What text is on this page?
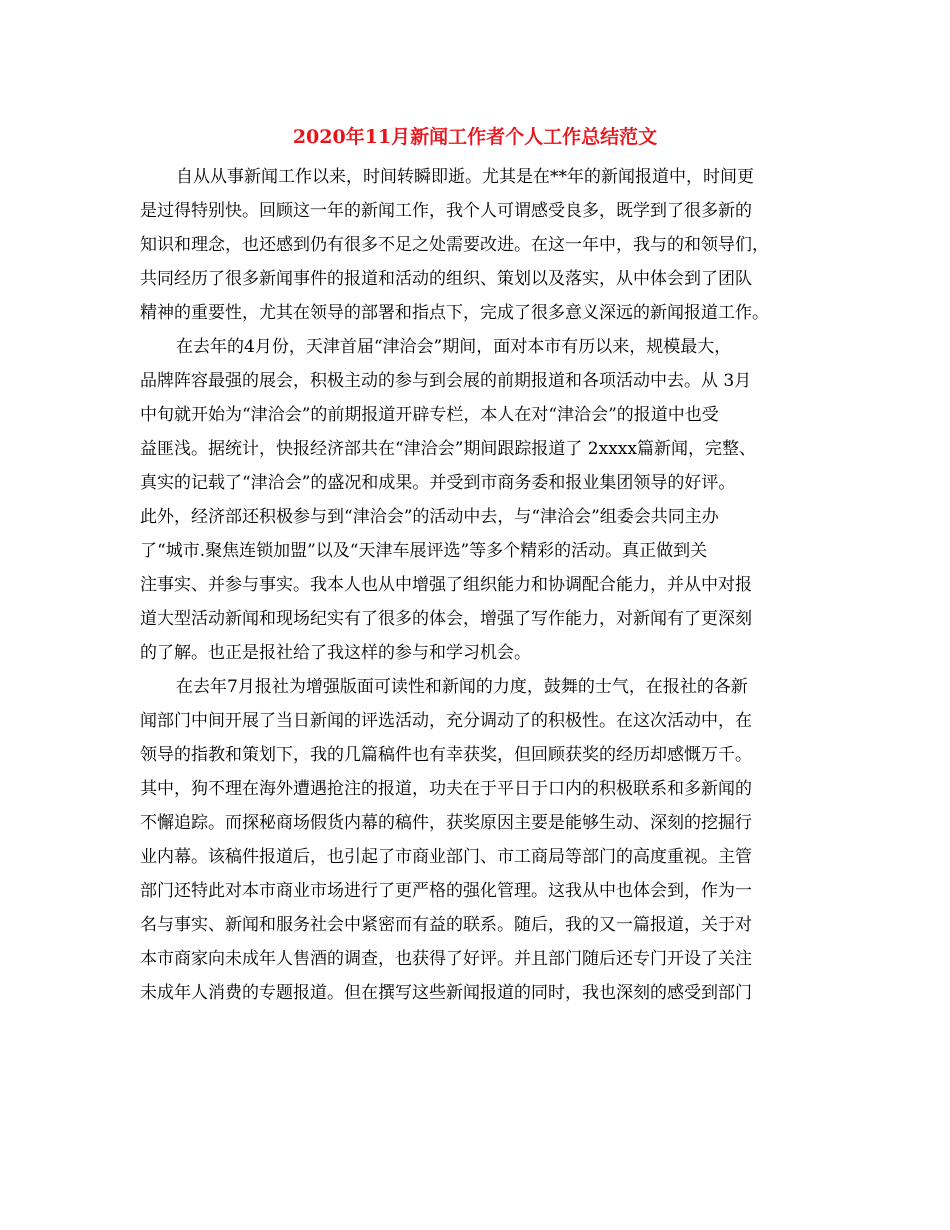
2020年11月新闻工作者个人工作总结范文

自从从事新闻工作以来，时间转瞬即逝。尤其是在**年的新闻报道中，时间更
是过得特别快。回顾这一年的新闻工作，我个人可谓感受良多，既学到了很多新的
知识和理念，也还感到仍有很多不足之处需要改进。在这一年中，我与的和领导们，
共同经历了很多新闻事件的报道和活动的组织、策划以及落实，从中体会到了团队
精神的重要性，尤其在领导的部署和指点下，完成了很多意义深远的新闻报道工作。

在去年的4月份，天津首届“津洽会”期间，面对本市有历以来，规模最大，
品牌阵容最强的展会，积极主动的参与到会展的前期报道和各项活动中去。从 3月
中旬就开始为“津洽会”的前期报道开辟专栏，本人在对“津洽会”的报道中也受
益匪浅。据统计，快报经济部共在“津洽会”期间跟踪报道了 2xxxx篇新闻，完整、
真实的记载了“津洽会”的盛况和成果。并受到市商务委和报业集团领导的好评。
此外，经济部还积极参与到“津洽会”的活动中去，与“津洽会”组委会共同主办
了“城市.聚焦连锁加盟”以及“天津车展评选”等多个精彩的活动。真正做到关
注事实、并参与事实。我本人也从中增强了组织能力和协调配合能力，并从中对报
道大型活动新闻和现场纪实有了很多的体会，增强了写作能力，对新闻有了更深刻
的了解。也正是报社给了我这样的参与和学习机会。

在去年7月报社为增强版面可读性和新闻的力度，鼓舞的士气，在报社的各新
闻部门中间开展了当日新闻的评选活动，充分调动了的积极性。在这次活动中，在
领导的指教和策划下，我的几篇稿件也有幸获奖，但回顾获奖的经历却感慨万千。
其中，狗不理在海外遭遇抢注的报道，功夫在于平日于口内的积极联系和多新闻的
不懈追踪。而探秘商场假货内幕的稿件，获奖原因主要是能够生动、深刻的挖掘行
业内幕。该稿件报道后，也引起了市商业部门、市工商局等部门的高度重视。主管
部门还特此对本市商业市场进行了更严格的强化管理。这我从中也体会到，作为一
名与事实、新闻和服务社会中紧密而有益的联系。随后，我的又一篇报道，关于对
本市商家向未成年人售酒的调查，也获得了好评。并且部门随后还专门开设了关注
未成年人消费的专题报道。但在撰写这些新闻报道的同时，我也深刻的感受到部门
